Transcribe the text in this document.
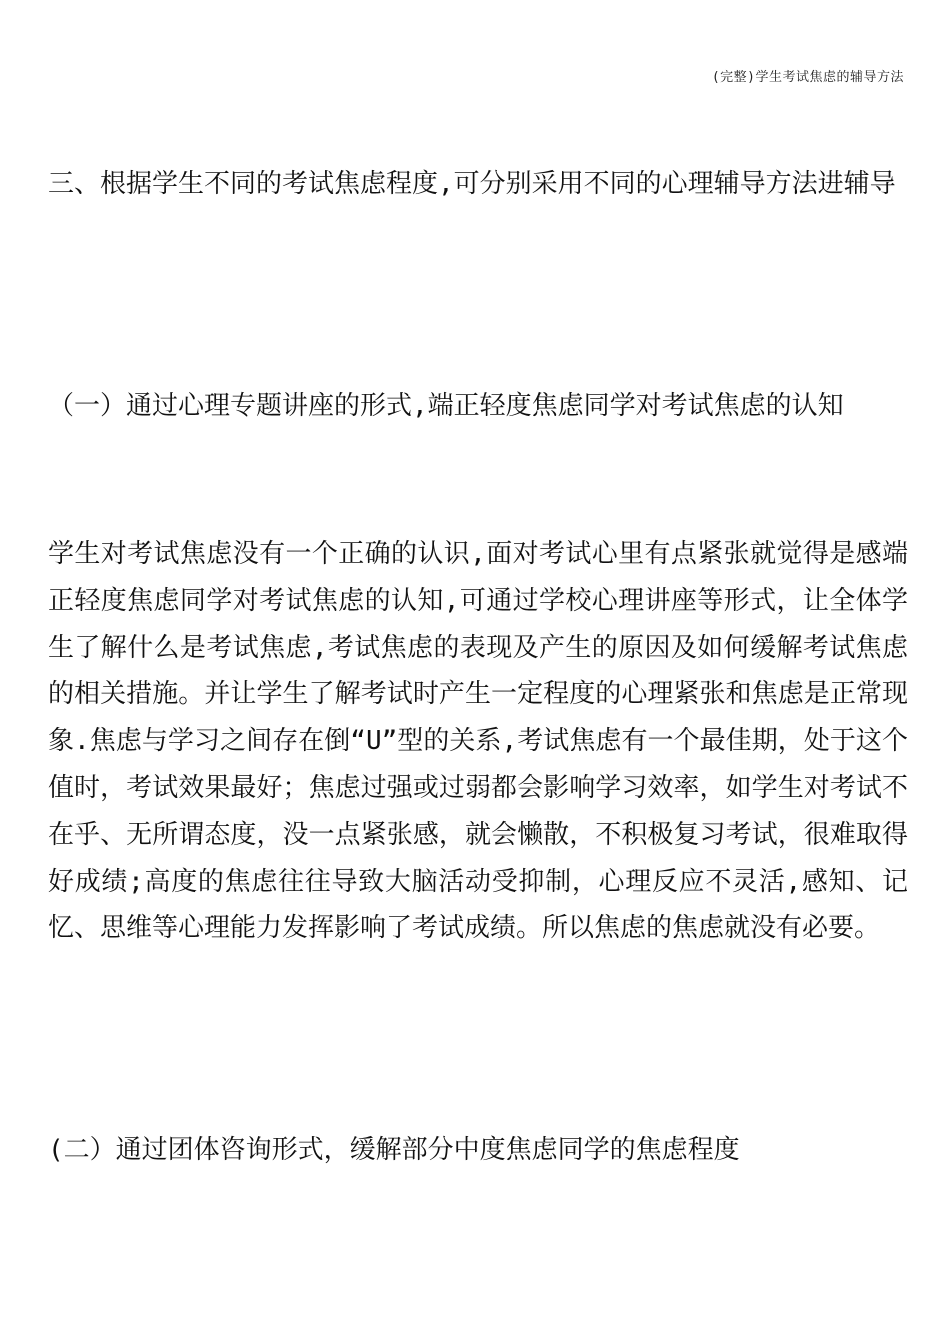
(完整)学生考试焦虑的辅导方法
三、根据学生不同的考试焦虑程度,可分别采用不同的心理辅导方法进辅导
（一）通过心理专题讲座的形式,端正轻度焦虑同学对考试焦虑的认知

学生对考试焦虑没有一个正确的认识,面对考试心里有点紧张就觉得是感端正轻度焦虑同学对考试焦虑的认知,可通过学校心理讲座等形式，让全体学生了解什么是考试焦虑,考试焦虑的表现及产生的原因及如何缓解考试焦虑的相关措施。并让学生了解考试时产生一定程度的心理紧张和焦虑是正常现象.焦虑与学习之间存在倒“U”型的关系,考试焦虑有一个最佳期，处于这个值时，考试效果最好；焦虑过强或过弱都会影响学习效率，如学生对考试不在乎、无所谓态度，没一点紧张感，就会懒散，不积极复习考试，很难取得好成绩;高度的焦虑往往导致大脑活动受抑制，心理反应不灵活,感知、记忆、思维等心理能力发挥影响了考试成绩。所以焦虑的焦虑就没有必要。

(二）通过团体咨询形式，缓解部分中度焦虑同学的焦虑程度
